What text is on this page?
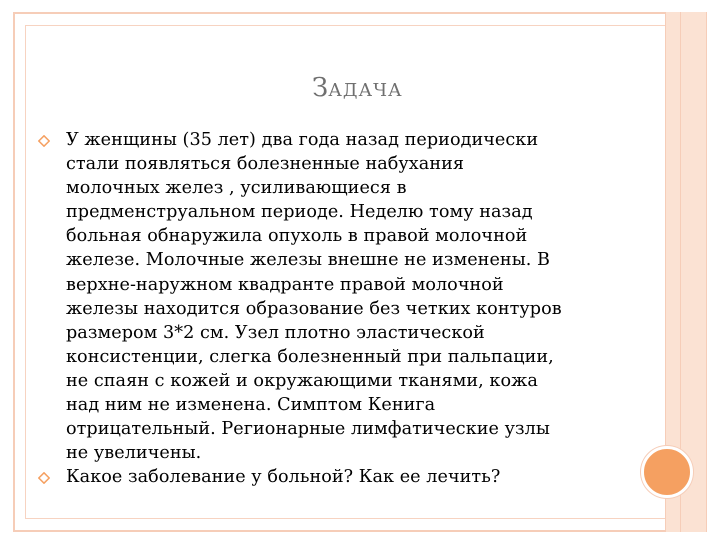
ЗАДАЧА
У женщины (35 лет) два года назад периодически
стали появляться болезненные набухания
молочных желез , усиливающиеся в
предменструальном периоде. Неделю тому назад
больная обнаружила опухоль в правой молочной
железе. Молочные железы внешне не изменены. В
верхне-наружном квадранте правой молочной
железы находится образование без четких контуров
размером 3*2 см. Узел плотно эластической
консистенции, слегка болезненный при пальпации,
не спаян с кожей и окружающими тканями, кожа
над ним не изменена. Симптом Кенига
отрицательный. Регионарные лимфатические узлы
не увеличены.
Какое заболевание у больной? Как ее лечить?
